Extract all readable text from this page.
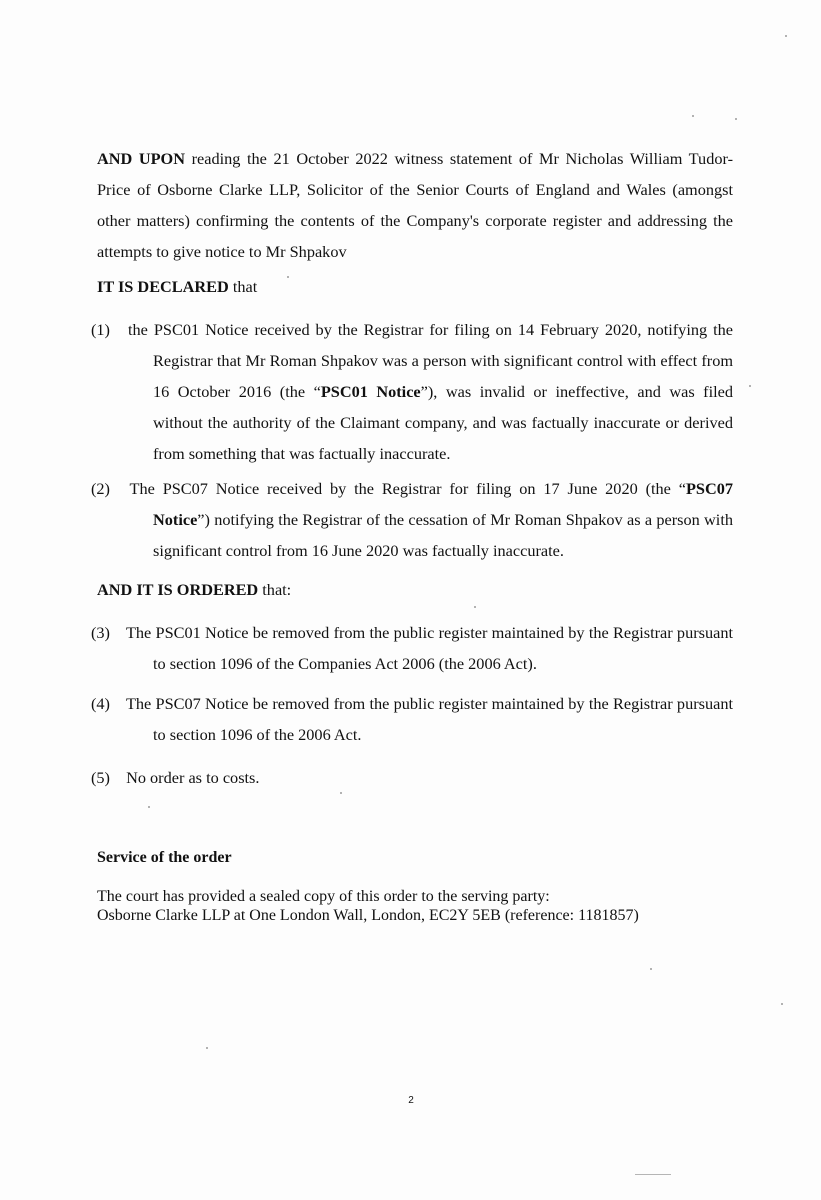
AND UPON reading the 21 October 2022 witness statement of Mr Nicholas William Tudor-Price of Osborne Clarke LLP, Solicitor of the Senior Courts of England and Wales (amongst other matters) confirming the contents of the Company's corporate register and addressing the attempts to give notice to Mr Shpakov
IT IS DECLARED that
(1) the PSC01 Notice received by the Registrar for filing on 14 February 2020, notifying the Registrar that Mr Roman Shpakov was a person with significant control with effect from 16 October 2016 (the “PSC01 Notice”), was invalid or ineffective, and was filed without the authority of the Claimant company, and was factually inaccurate or derived from something that was factually inaccurate.
(2) The PSC07 Notice received by the Registrar for filing on 17 June 2020 (the “PSC07 Notice”) notifying the Registrar of the cessation of Mr Roman Shpakov as a person with significant control from 16 June 2020 was factually inaccurate.
AND IT IS ORDERED that:
(3) The PSC01 Notice be removed from the public register maintained by the Registrar pursuant to section 1096 of the Companies Act 2006 (the 2006 Act).
(4) The PSC07 Notice be removed from the public register maintained by the Registrar pursuant to section 1096 of the 2006 Act.
(5) No order as to costs.
Service of the order
The court has provided a sealed copy of this order to the serving party:
Osborne Clarke LLP at One London Wall, London, EC2Y 5EB (reference: 1181857)
2
